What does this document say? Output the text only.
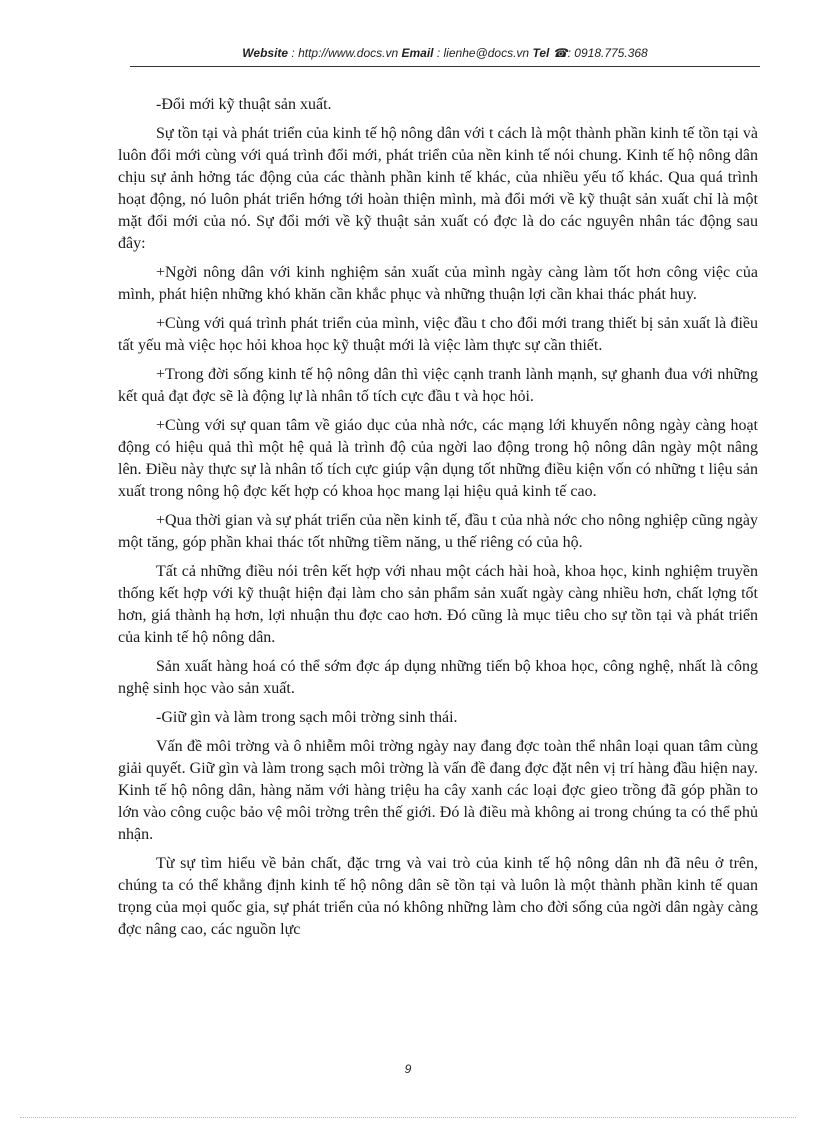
Website : http://www.docs.vn Email : lienhe@docs.vn Tel ☎: 0918.775.368

-Đổi mới kỹ thuật sản xuất.

Sự tồn tại và phát triển của kinh tế hộ nông dân với t cách là một thành phần kinh tế tồn tại và luôn đổi mới cùng với quá trình đổi mới, phát triển của nền kinh tế nói chung. Kinh tế hộ nông dân chịu sự ảnh hởng tác động của các thành phần kinh tế khác, của nhiều yếu tố khác. Qua quá trình hoạt động, nó luôn phát triển hớng tới hoàn thiện mình, mà đổi mới về kỹ thuật sản xuất chỉ là một mặt đổi mới của nó. Sự đổi mới về kỹ thuật sản xuất có đợc là do các nguyên nhân tác động sau đây:

+Ngời nông dân với kinh nghiệm sản xuất của mình ngày càng làm tốt hơn công việc của mình, phát hiện những khó khăn cần khắc phục và những thuận lợi cần khai thác phát huy.

+Cùng với quá trình phát triển của mình, việc đầu t cho đổi mới trang thiết bị sản xuất là điều tất yếu mà việc học hỏi khoa học kỹ thuật mới là việc làm thực sự cần thiết.

+Trong đời sống kinh tế hộ nông dân thì việc cạnh tranh lành mạnh, sự ghanh đua với những kết quả đạt đợc sẽ là động lự là nhân tố tích cực đầu t và học hỏi.

+Cùng với sự quan tâm về giáo dục của nhà nớc, các mạng lới khuyến nông ngày càng hoạt động có hiệu quả thì một hệ quả là trình độ của ngời lao động trong hộ nông dân ngày một nâng lên. Điều này thực sự là nhân tố tích cực giúp vận dụng tốt những điều kiện vốn có những t liệu sản xuất trong nông hộ đợc kết hợp có khoa học mang lại hiệu quả kinh tế cao.

+Qua thời gian và sự phát triển của nền kinh tế, đầu t của nhà nớc cho nông nghiệp cũng ngày một tăng, góp phần khai thác tốt những tiềm năng, u thế riêng có của hộ.

Tất cả những điều nói trên kết hợp với nhau một cách hài hoà, khoa học, kinh nghiệm truyền thống kết hợp với kỹ thuật hiện đại làm cho sản phẩm sản xuất ngày càng nhiều hơn, chất lợng tốt hơn, giá thành hạ hơn, lợi nhuận thu đợc cao hơn. Đó cũng là mục tiêu cho sự tồn tại và phát triển của kinh tế hộ nông dân.

Sản xuất hàng hoá có thể sớm đợc áp dụng những tiến bộ khoa học, công nghệ, nhất là công nghệ sinh học vào sản xuất.

-Giữ gìn và làm trong sạch môi trờng sinh thái.

Vấn đề môi trờng và ô nhiễm môi trờng ngày nay đang đợc toàn thể nhân loại quan tâm cùng giải quyết. Giữ gìn và làm trong sạch môi trờng là vấn đề đang đợc đặt nên vị trí hàng đầu hiện nay. Kinh tế hộ nông dân, hàng năm với hàng triệu ha cây xanh các loại đợc gieo trồng đã góp phần to lớn vào công cuộc bảo vệ môi trờng trên thế giới. Đó là điều mà không ai trong chúng ta có thể phủ nhận.

Từ sự tìm hiểu về bản chất, đặc trng và vai trò của kinh tế hộ nông dân nh đã nêu ở trên, chúng ta có thể khẳng định kinh tế hộ nông dân sẽ tồn tại và luôn là một thành phần kinh tế quan trọng của mọi quốc gia, sự phát triển của nó không những làm cho đời sống của ngời dân ngày càng đợc nâng cao, các nguồn lực

9
